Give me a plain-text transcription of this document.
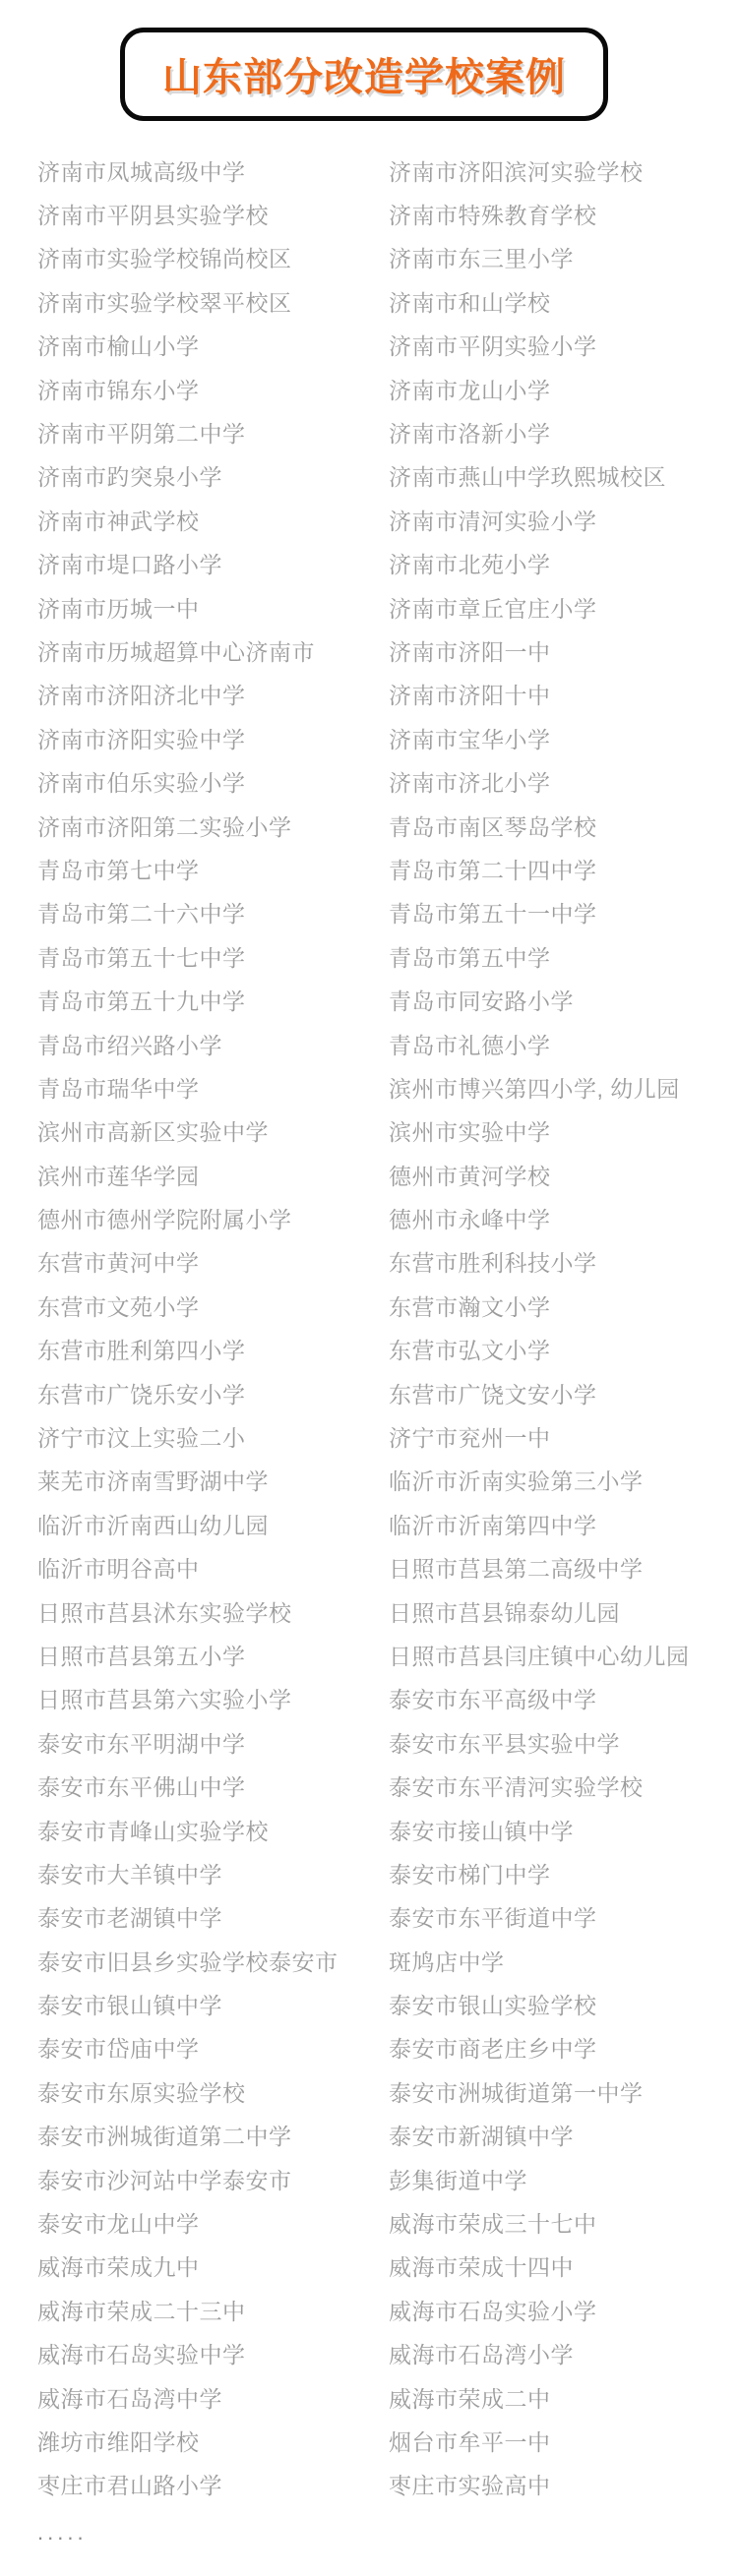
山东部分改造学校案例
济南市凤城高级中学
济南市平阴县实验学校
济南市实验学校锦尚校区
济南市实验学校翠平校区
济南市榆山小学
济南市锦东小学
济南市平阴第二中学
济南市趵突泉小学
济南市神武学校
济南市堤口路小学
济南市历城一中
济南市历城超算中心济南市
济南市济阳济北中学
济南市济阳实验中学
济南市伯乐实验小学
济南市济阳第二实验小学
青岛市第七中学
青岛市第二十六中学
青岛市第五十七中学
青岛市第五十九中学
青岛市绍兴路小学
青岛市瑞华中学
滨州市高新区实验中学
滨州市莲华学园
德州市德州学院附属小学
东营市黄河中学
东营市文苑小学
东营市胜利第四小学
东营市广饶乐安小学
济宁市汶上实验二小
莱芜市济南雪野湖中学
临沂市沂南西山幼儿园
临沂市明谷高中
日照市莒县沭东实验学校
日照市莒县第五小学
日照市莒县第六实验小学
泰安市东平明湖中学
泰安市东平佛山中学
泰安市青峰山实验学校
泰安市大羊镇中学
泰安市老湖镇中学
泰安市旧县乡实验学校泰安市
泰安市银山镇中学
泰安市岱庙中学
泰安市东原实验学校
泰安市洲城街道第二中学
泰安市沙河站中学泰安市
泰安市龙山中学
威海市荣成九中
威海市荣成二十三中
威海市石岛实验中学
威海市石岛湾中学
潍坊市维阳学校
枣庄市君山路小学
济南市济阳滨河实验学校
济南市特殊教育学校
济南市东三里小学
济南市和山学校
济南市平阴实验小学
济南市龙山小学
济南市洛新小学
济南市燕山中学玖熙城校区
济南市清河实验小学
济南市北苑小学
济南市章丘官庄小学
济南市济阳一中
济南市济阳十中
济南市宝华小学
济南市济北小学
青岛市南区琴岛学校
青岛市第二十四中学
青岛市第五十一中学
青岛市第五中学
青岛市同安路小学
青岛市礼德小学
滨州市博兴第四小学, 幼儿园
滨州市实验中学
德州市黄河学校
德州市永峰中学
东营市胜利科技小学
东营市瀚文小学
东营市弘文小学
东营市广饶文安小学
济宁市兖州一中
临沂市沂南实验第三小学
临沂市沂南第四中学
日照市莒县第二高级中学
日照市莒县锦泰幼儿园
日照市莒县闫庄镇中心幼儿园
泰安市东平高级中学
泰安市东平县实验中学
泰安市东平清河实验学校
泰安市接山镇中学
泰安市梯门中学
泰安市东平街道中学
斑鸠店中学
泰安市银山实验学校
泰安市商老庄乡中学
泰安市洲城街道第一中学
泰安市新湖镇中学
彭集街道中学
威海市荣成三十七中
威海市荣成十四中
威海市石岛实验小学
威海市石岛湾小学
威海市荣成二中
烟台市牟平一中
枣庄市实验高中
.....
